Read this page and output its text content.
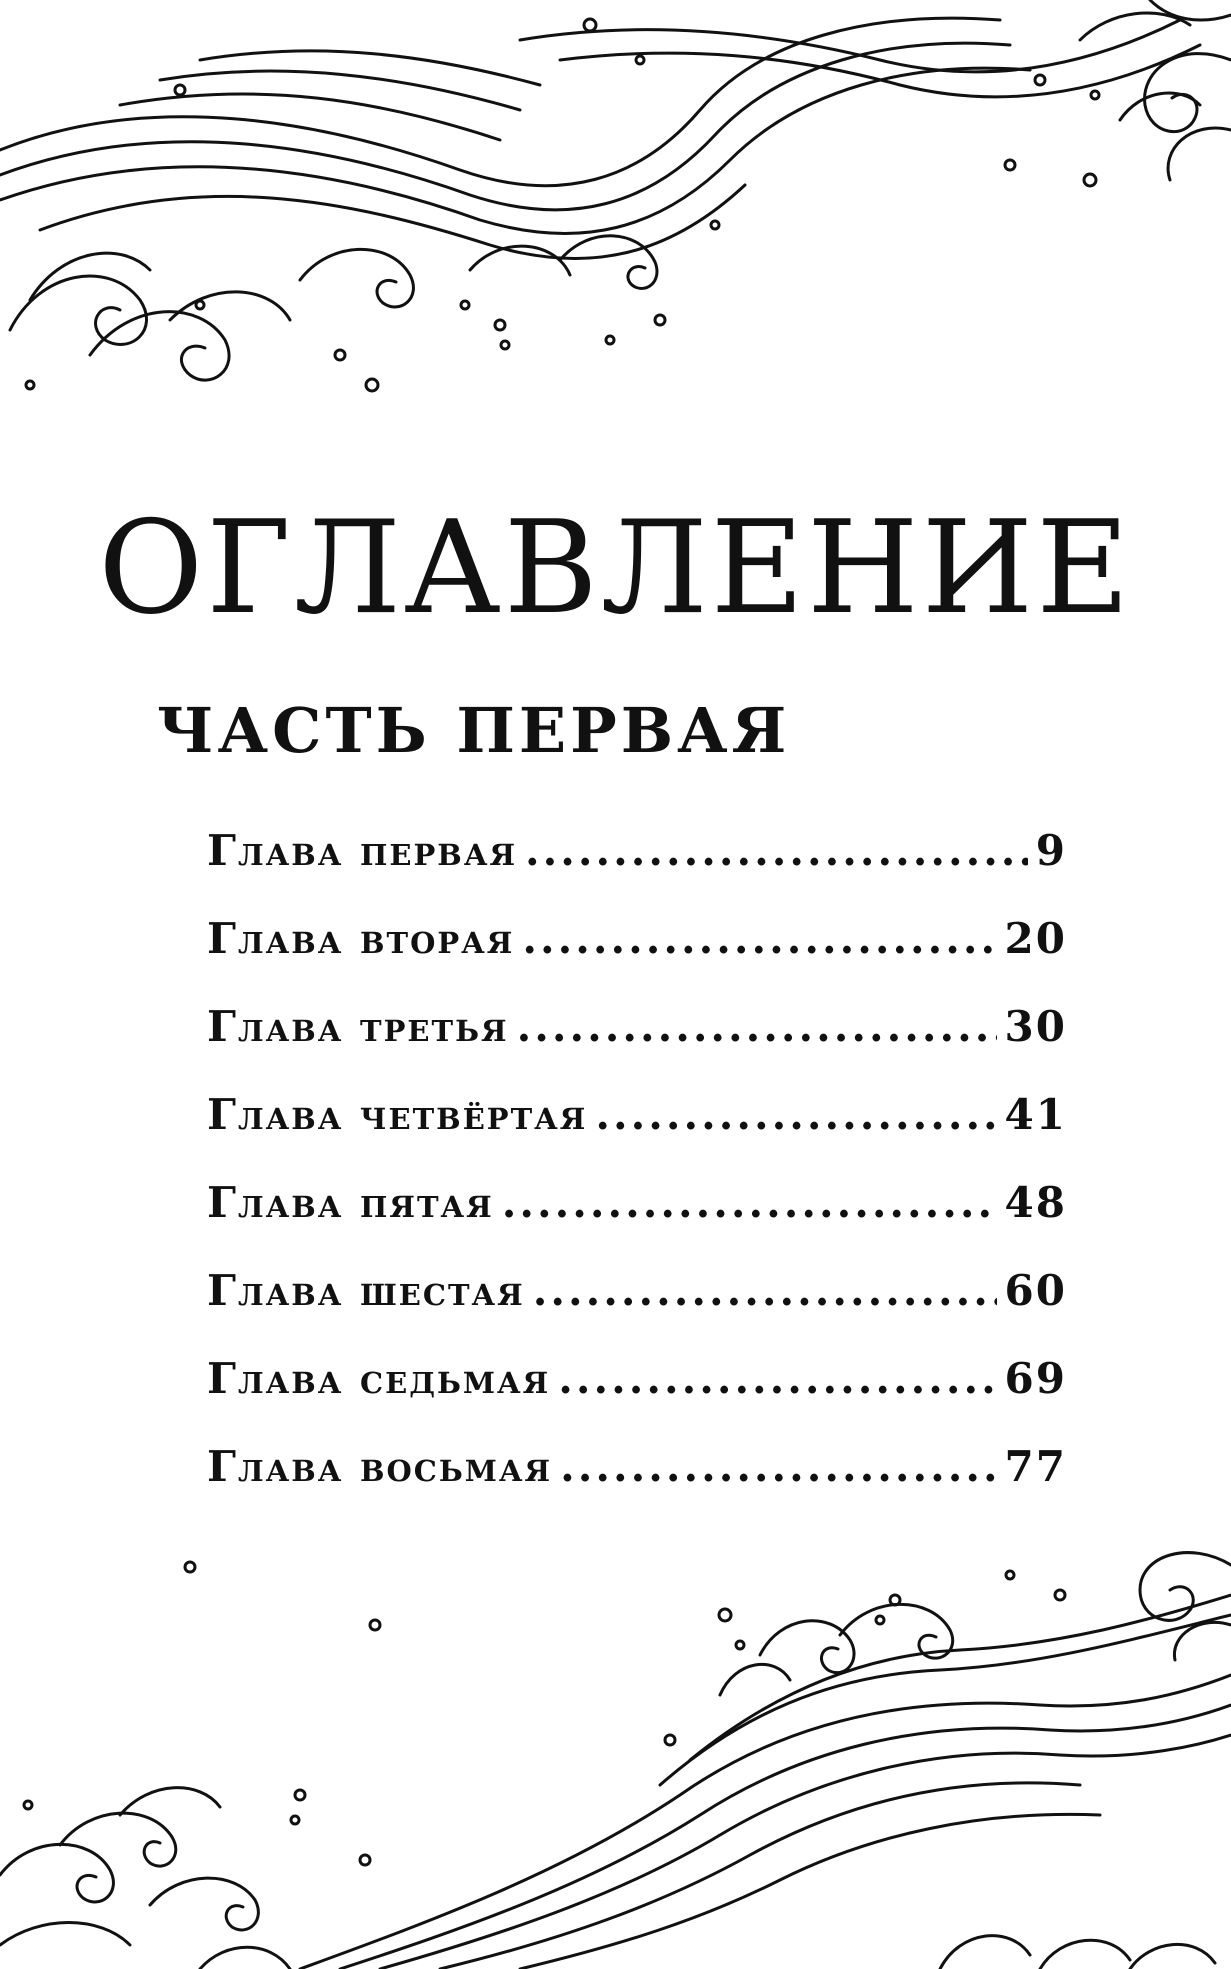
ОГЛАВЛЕНИЕ
ЧАСТЬ ПЕРВАЯ
Глава первая .....	9
Глава вторая .....	20
Глава третья .....	30
Глава четвёртая .....	41
Глава пятая .....	48
Глава шестая .....	60
Глава седьмая .....	69
Глава восьмая .....	77
